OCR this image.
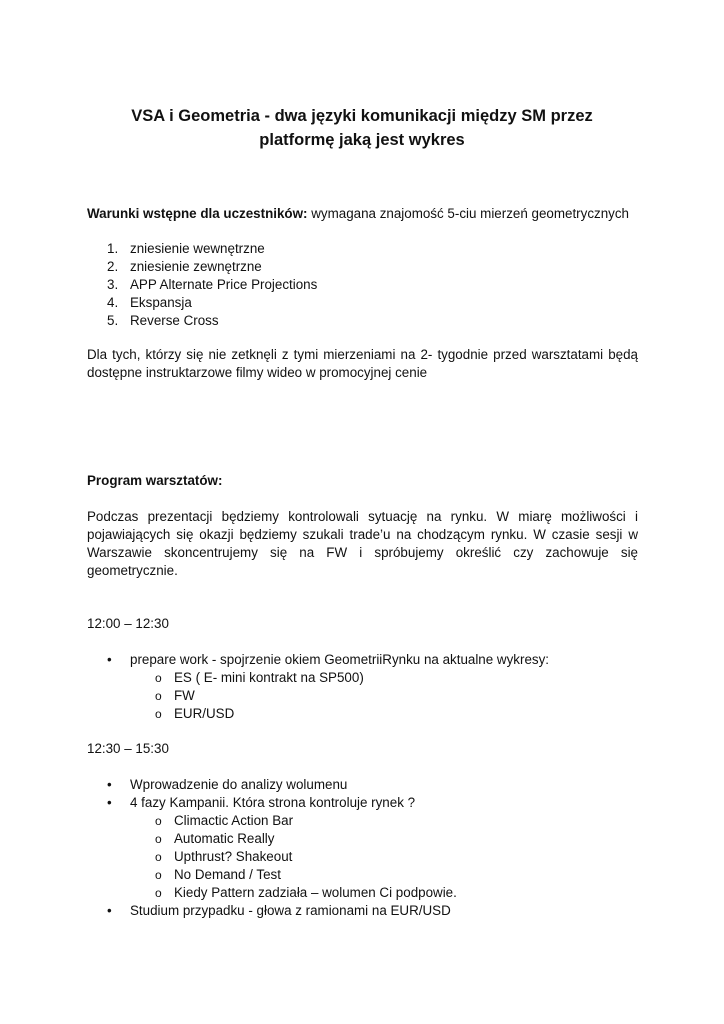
VSA i Geometria - dwa języki komunikacji między SM przez
platformę jaką jest wykres
Warunki wstępne dla uczestników: wymagana znajomość 5-ciu mierzeń geometrycznych
1. zniesienie wewnętrzne
2. zniesienie zewnętrzne
3. APP Alternate Price Projections
4. Ekspansja
5. Reverse Cross
Dla tych, którzy się nie zetknęli z tymi mierzeniami na 2- tygodnie przed warsztatami będą dostępne instruktarzowe filmy wideo w promocyjnej cenie
Program warsztatów:
Podczas prezentacji będziemy kontrolowali sytuację na rynku. W miarę możliwości i pojawiających się okazji będziemy szukali trade’u na chodzącym rynku. W czasie sesji w Warszawie skoncentrujemy się na FW i spróbujemy określić czy zachowuje się geometrycznie.
12:00 – 12:30
• prepare work - spojrzenie okiem GeometriiRynku na aktualne wykresy:
o ES ( E- mini kontrakt na SP500)
o FW
o EUR/USD
12:30 – 15:30
• Wprowadzenie do analizy wolumenu
• 4 fazy Kampanii. Która strona kontroluje rynek ?
o Climactic Action Bar
o Automatic Really
o Upthrust? Shakeout
o No Demand / Test
o Kiedy Pattern zadziała – wolumen Ci podpowie.
• Studium przypadku - głowa z ramionami na EUR/USD
